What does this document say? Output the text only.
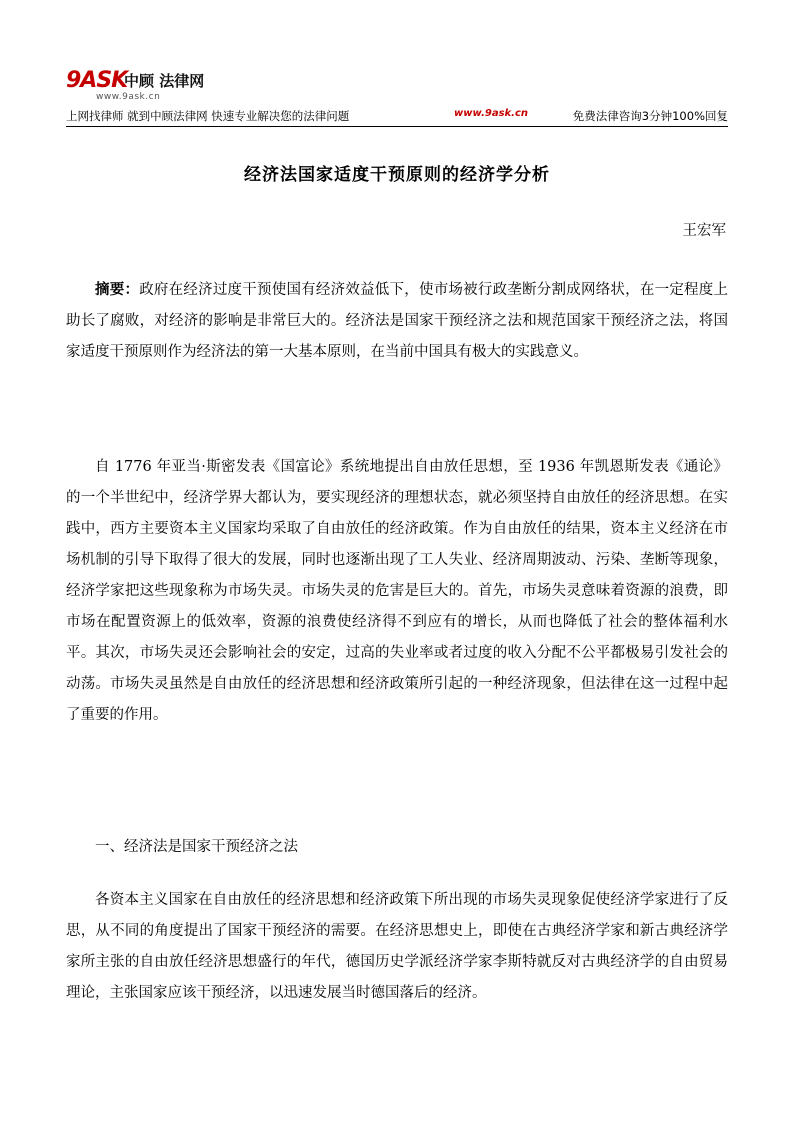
9ASK
中顾 法律网
www.9ask.cn
上网找律师 就到中顾法律网 快速专业解决您的法律问题	www.9ask.cn	免费法律咨询3分钟100%回复
经济法国家适度干预原则的经济学分析
王宏军

摘要：政府在经济过度干预使国有经济效益低下，使市场被行政垄断分割成网络状，在一定程度上助长了腐败，对经济的影响是非常巨大的。经济法是国家干预经济之法和规范国家干预经济之法，将国家适度干预原则作为经济法的第一大基本原则，在当前中国具有极大的实践意义。

自 1776 年亚当·斯密发表《国富论》系统地提出自由放任思想，至 1936 年凯恩斯发表《通论》的一个半世纪中，经济学界大都认为，要实现经济的理想状态，就必须坚持自由放任的经济思想。在实践中，西方主要资本主义国家均采取了自由放任的经济政策。作为自由放任的结果，资本主义经济在市场机制的引导下取得了很大的发展，同时也逐渐出现了工人失业、经济周期波动、污染、垄断等现象，经济学家把这些现象称为市场失灵。市场失灵的危害是巨大的。首先，市场失灵意味着资源的浪费，即市场在配置资源上的低效率，资源的浪费使经济得不到应有的增长，从而也降低了社会的整体福利水平。其次，市场失灵还会影响社会的安定，过高的失业率或者过度的收入分配不公平都极易引发社会的动荡。市场失灵虽然是自由放任的经济思想和经济政策所引起的一种经济现象，但法律在这一过程中起了重要的作用。

一、经济法是国家干预经济之法

各资本主义国家在自由放任的经济思想和经济政策下所出现的市场失灵现象促使经济学家进行了反思，从不同的角度提出了国家干预经济的需要。在经济思想史上，即使在古典经济学家和新古典经济学家所主张的自由放任经济思想盛行的年代，德国历史学派经济学家李斯特就反对古典经济学的自由贸易理论，主张国家应该干预经济，以迅速发展当时德国落后的经济。
